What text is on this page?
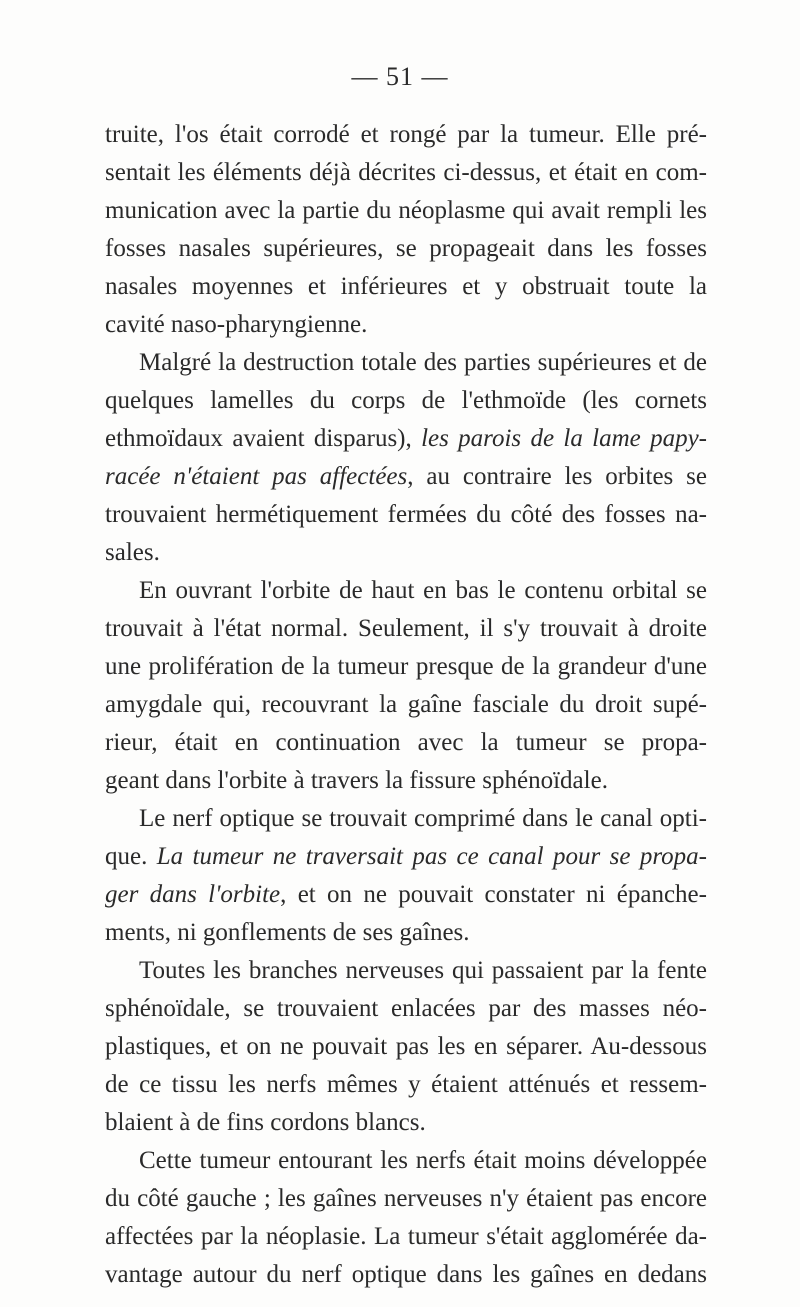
— 51 —
truite, l'os était corrodé et rongé par la tumeur. Elle pré-
sentait les éléments déjà décrites ci-dessus, et était en com-
munication avec la partie du néoplasme qui avait rempli les
fosses nasales supérieures, se propageait dans les fosses
nasales moyennes et inférieures et y obstruait toute la
cavité naso-pharyngienne.
Malgré la destruction totale des parties supérieures et de
quelques lamelles du corps de l'ethmoïde (les cornets
ethmoïdaux avaient disparus), les parois de la lame papy-
racée n'étaient pas affectées, au contraire les orbites se
trouvaient hermétiquement fermées du côté des fosses na-
sales.
En ouvrant l'orbite de haut en bas le contenu orbital se
trouvait à l'état normal. Seulement, il s'y trouvait à droite
une prolifération de la tumeur presque de la grandeur d'une
amygdale qui, recouvrant la gaîne fasciale du droit supé-
rieur, était en continuation avec la tumeur se propa-
geant dans l'orbite à travers la fissure sphénoïdale.
Le nerf optique se trouvait comprimé dans le canal opti-
que. La tumeur ne traversait pas ce canal pour se propa-
ger dans l'orbite, et on ne pouvait constater ni épanche-
ments, ni gonflements de ses gaînes.
Toutes les branches nerveuses qui passaient par la fente
sphénoïdale, se trouvaient enlacées par des masses néo-
plastiques, et on ne pouvait pas les en séparer. Au-dessous
de ce tissu les nerfs mêmes y étaient atténués et ressem-
blaient à de fins cordons blancs.
Cette tumeur entourant les nerfs était moins développée
du côté gauche ; les gaînes nerveuses n'y étaient pas encore
affectées par la néoplasie. La tumeur s'était agglomérée da-
vantage autour du nerf optique dans les gaînes en dedans
